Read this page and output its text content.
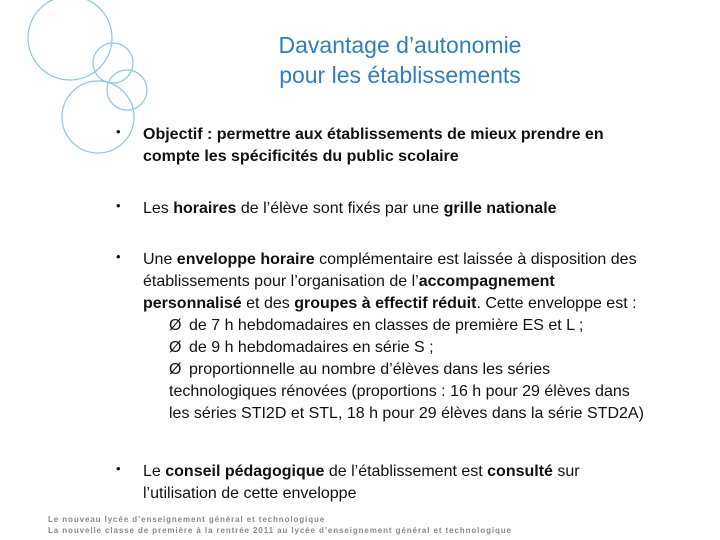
Davantage d’autonomie
pour les établissements
• Objectif : permettre aux établissements de mieux prendre en
compte les spécificités du public scolaire
• Les horaires de l’élève sont fixés par une grille nationale
• Une enveloppe horaire complémentaire est laissée à disposition des
établissements pour l’organisation de l’accompagnement
personnalisé et des groupes à effectif réduit. Cette enveloppe est :
Ø de 7 h hebdomadaires en classes de première ES et L ;
Ø de 9 h hebdomadaires en série S ;
Ø proportionnelle au nombre d’élèves dans les séries
technologiques rénovées (proportions : 16 h pour 29 élèves dans
les séries STI2D et STL, 18 h pour 29 élèves dans la série STD2A)
• Le conseil pédagogique de l’établissement est consulté sur
l’utilisation de cette enveloppe
Le nouveau lycée d’enseignement général et technologique
La nouvelle classe de première à la rentrée 2011 au lycée d’enseignement général et technologique
